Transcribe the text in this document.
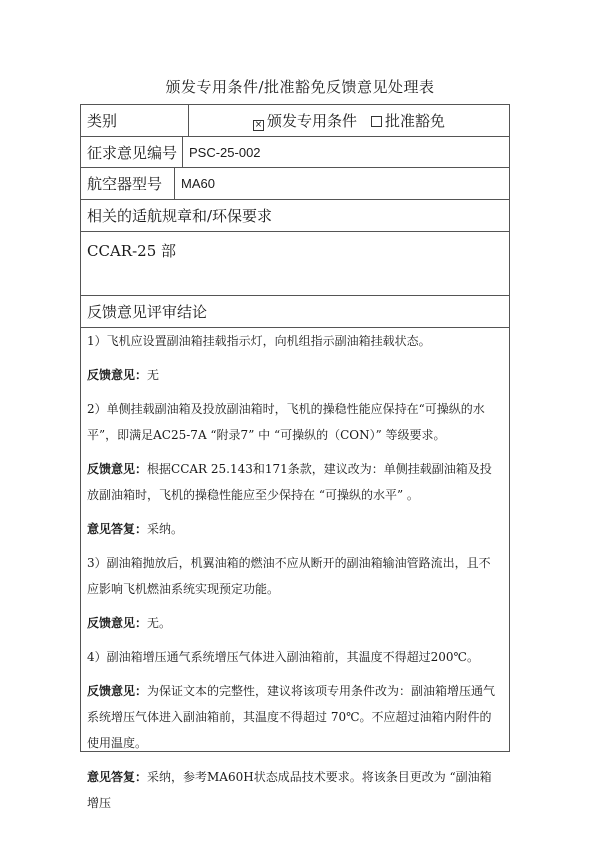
颁发专用条件/批准豁免反馈意见处理表
类别	× 颁发专用条件	批准豁免
征求意见编号 PSC-25-002
航空器型号	MA60
相关的适航规章和/环保要求
CCAR-25 部
反馈意见评审结论

1）飞机应设置副油箱挂载指示灯，向机组指示副油箱挂载状态。

反馈意见：无

2）单侧挂载副油箱及投放副油箱时，飞机的操稳性能应保持在“可操纵的水平”，即满足AC25-7A “附录7” 中 “可操纵的（CON）” 等级要求。

反馈意见：根据CCAR 25.143和171条款，建议改为：单侧挂载副油箱及投放副油箱时，飞机的操稳性能应至少保持在 “可操纵的水平” 。

意见答复：采纳。

3）副油箱抛放后，机翼油箱的燃油不应从断开的副油箱输油管路流出，且不应影响飞机燃油系统实现预定功能。

反馈意见：无。

4）副油箱增压通气系统增压气体进入副油箱前，其温度不得超过200℃。

反馈意见：为保证文本的完整性，建议将该项专用条件改为：副油箱增压通气系统增压气体进入副油箱前，其温度不得超过 70℃。不应超过油箱内附件的使用温度。

意见答复：采纳，参考MA60H状态成品技术要求。将该条目更改为 “副油箱增压
